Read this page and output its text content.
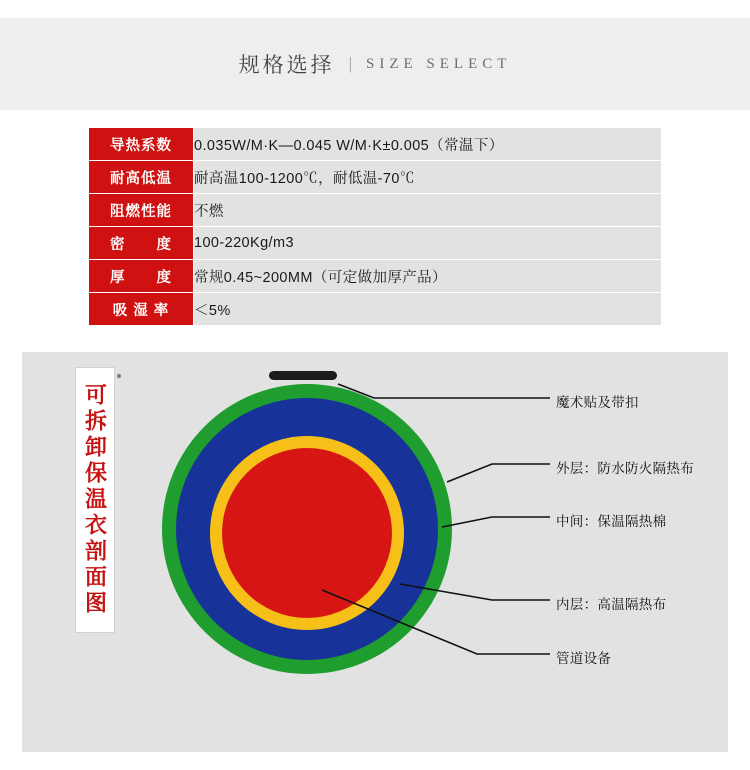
规格选择 | SIZE SELECT
导热系数	0.035W/M·K—0.045 W/M·K±0.005（常温下）
耐高低温	耐高温100-1200℃，耐低温-70℃
阻燃性能	不燃
密　　度	100-220Kg/m3
厚　　度	常规0.45~200MM（可定做加厚产品）
吸 湿 率	＜5%
可拆卸保温衣剖面图	魔术贴及带扣
外层：防水防火隔热布
中间：保温隔热棉
内层：高温隔热布
管道设备
